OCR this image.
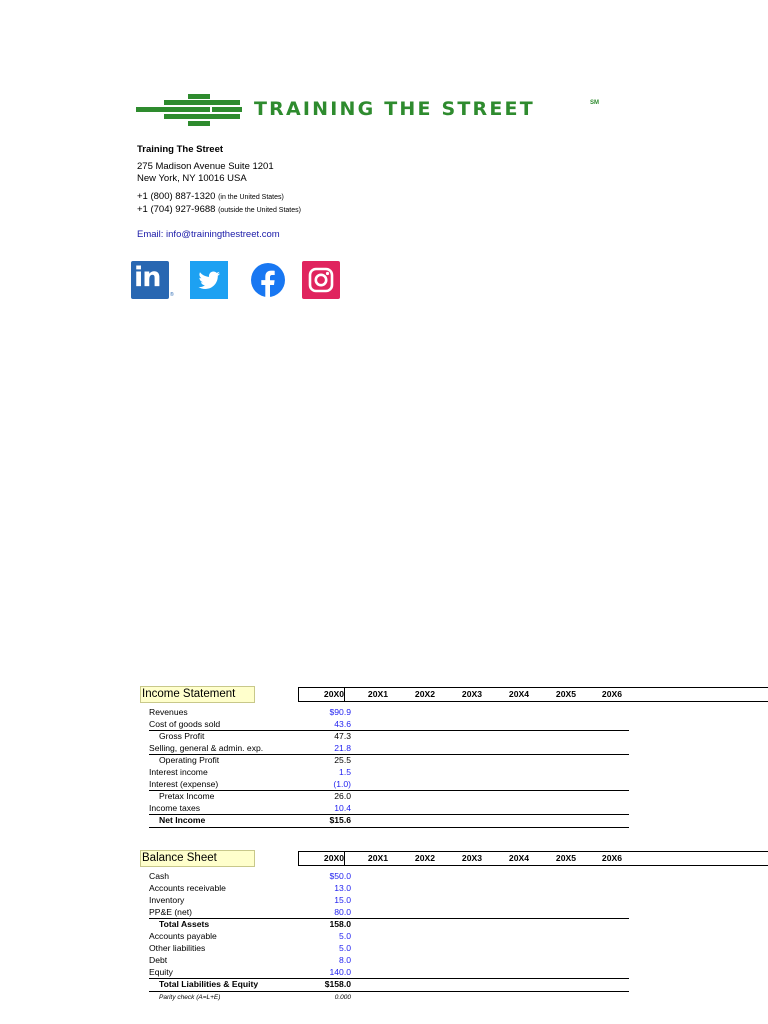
TRAINING THE STREET	SM
Training The Street
275 Madison Avenue Suite 1201
New York, NY 10016 USA
+1 (800) 887-1320 (in the United States)
+1 (704) 927-9688 (outside the United States)
Email: info@trainingthestreet.com
in
®
Income Statement	20X0	20X1	20X2	20X3	20X4	20X5	20X6
Revenues	$90.9
Cost of goods sold	43.6
Gross Profit	47.3
Selling, general & admin. exp.	21.8
Operating Profit	25.5
Interest income	1.5
Interest (expense)	(1.0)
Pretax Income	26.0
Income taxes	10.4
Net Income	$15.6
Balance Sheet	20X0	20X1	20X2	20X3	20X4	20X5	20X6
Cash	$50.0
Accounts receivable	13.0
Inventory	15.0
PP&E (net)	80.0
Total Assets	158.0
Accounts payable	5.0
Other liabilities	5.0
Debt	8.0
Equity	140.0
Total Liabilities & Equity	$158.0
Parity check (A=L+E)	0.000
